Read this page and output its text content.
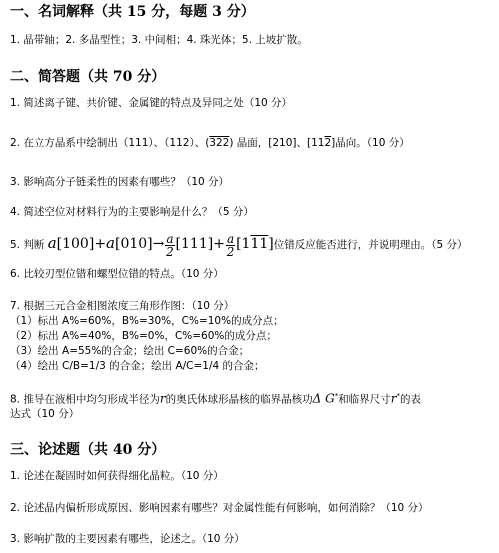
一、名词解释（共 15 分，每题 3 分）
1. 晶带轴；2. 多晶型性；3. 中间相；4. 珠光体；5. 上坡扩散。
二、简答题（共 70 分）
1. 简述离子键、共价键、金属键的特点及异同之处（10 分）
2. 在立方晶系中绘制出（111）、（112）、(322) 晶面，[210]、[112]晶向。（10 分）
3. 影响高分子链柔性的因素有哪些？（10 分）
4. 简述空位对材料行为的主要影响是什么？（5 分）
5. 判断 $a[100]+a[010]\to \frac{a}{2} [111]+ \frac{a}{2} [111]$位错反应能否进行，并说明理由。（5 分）
6. 比较刃型位错和螺型位错的特点。（10 分）
7. 根据三元合金相图浓度三角形作图：（10 分）
（1）标出 A%=60%，B%=30%，C%=10%的成分点；
（2）标出 A%=40%，B%=0%，C%=60%的成分点；
（3）绘出 A=55%的合金；绘出 C=60%的合金；
（4）绘出 C/B=1/3 的合金；绘出 A/C=1/4 的合金；
8. 推导在液相中均匀形成半径为r的奥氏体球形晶核的临界晶核功Δ G*和临界尺寸r*的表
达式（10 分）
三、论述题（共 40 分）
1. 论述在凝固时如何获得细化晶粒。（10 分）
2. 论述晶内偏析形成原因、影响因素有哪些？对金属性能有何影响，如何消除？（10 分）
3. 影响扩散的主要因素有哪些，论述之。（10 分）
